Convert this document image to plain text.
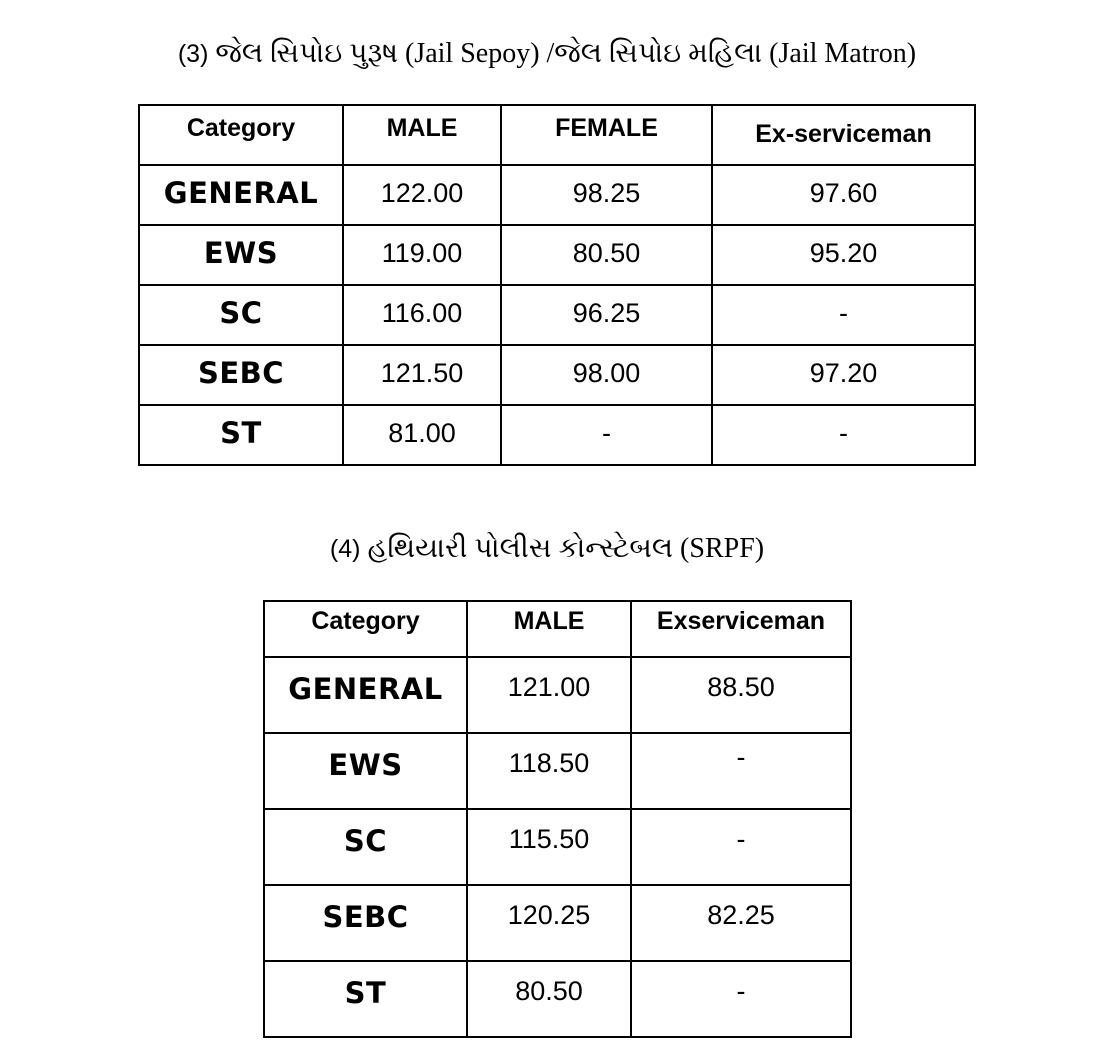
(3) જેલ સિપોઇ પુરૂષ (Jail Sepoy) /જેલ સિપોઇ મહિલા (Jail Matron)
Category	MALE	FEMALE	Ex-serviceman
GENERAL	122.00	98.25	97.60
EWS	119.00	80.50	95.20
SC	116.00	96.25	-
SEBC	121.50	98.00	97.20
ST	81.00	-	-
(4) હથિયારી પોલીસ કોન્સ્ટેબલ (SRPF)
Category	MALE	Exserviceman
GENERAL	121.00	88.50
EWS	118.50	-
SC	115.50	-
SEBC	120.25	82.25
ST	80.50	-
